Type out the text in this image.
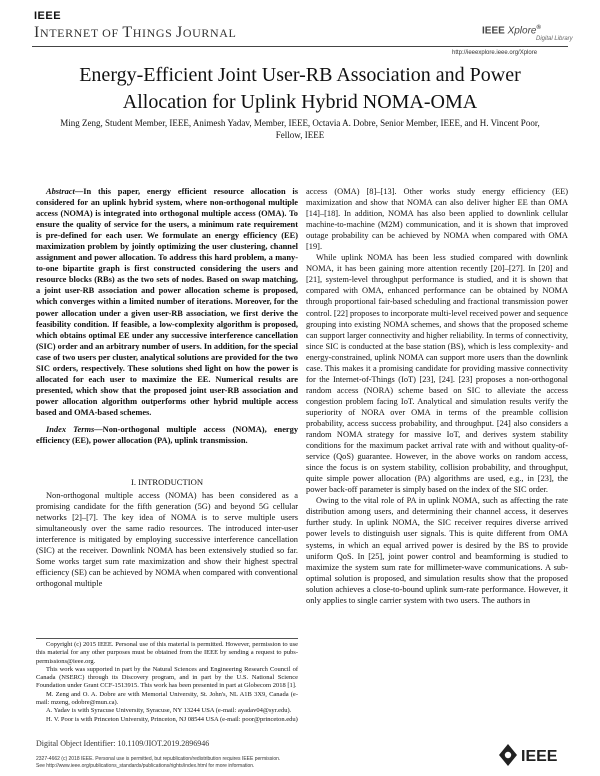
IEEE
INTERNET OF THINGS JOURNAL	IEEE Xplore®
Digital Library
http://ieeexplore.ieee.org/Xplore
Energy-Efficient Joint User-RB Association and Power Allocation for Uplink Hybrid NOMA-OMA
Ming Zeng, Student Member, IEEE, Animesh Yadav, Member, IEEE, Octavia A. Dobre, Senior Member, IEEE, and H. Vincent Poor, Fellow, IEEE

Abstract—In this paper, energy efficient resource allocation is considered for an uplink hybrid system, where non-orthogonal multiple access (NOMA) is integrated into orthogonal multiple access (OMA). To ensure the quality of service for the users, a minimum rate requirement is pre-defined for each user. We formulate an energy efficiency (EE) maximization problem by jointly optimizing the user clustering, channel assignment and power allocation. To address this hard problem, a many-to-one bipartite graph is first constructed considering the users and resource blocks (RBs) as the two sets of nodes. Based on swap matching, a joint user-RB association and power allocation scheme is proposed, which converges within a limited number of iterations. Moreover, for the power allocation under a given user-RB association, we first derive the feasibility condition. If feasible, a low-complexity algorithm is proposed, which obtains optimal EE under any successive interference cancellation (SIC) order and an arbitrary number of users. In addition, for the special case of two users per cluster, analytical solutions are provided for the two SIC orders, respectively. These solutions shed light on how the power is allocated for each user to maximize the EE. Numerical results are presented, which show that the proposed joint user-RB association and power allocation algorithm outperforms other hybrid multiple access based and OMA-based schemes.

Index Terms—Non-orthogonal multiple access (NOMA), energy efficiency (EE), power allocation (PA), uplink transmission.

I. INTRODUCTION

Non-orthogonal multiple access (NOMA) has been considered as a promising candidate for the fifth generation (5G) and beyond 5G cellular networks [2]–[7]. The key idea of NOMA is to serve multiple users simultaneously over the same radio resources. The introduced inter-user interference is mitigated by employing successive interference cancellation (SIC) at the receiver. Downlink NOMA has been extensively studied so far. Some works target sum rate maximization and show their highest spectral efficiency (SE) can be achieved by NOMA when compared with conventional orthogonal multiple

Copyright (c) 2015 IEEE. Personal use of this material is permitted. However, permission to use this material for any other purposes must be obtained from the IEEE by sending a request to pubs-permissions@ieee.org.

This work was supported in part by the Natural Sciences and Engineering Research Council of Canada (NSERC) through its Discovery program, and in part by the U.S. National Science Foundation under Grant CCF-1513915. This work has been presented in part at Globecom 2018 [1].

M. Zeng and O. A. Dobre are with Memorial University, St. John's, NL A1B 3X9, Canada (e-mail: mzeng, odobre@mun.ca).

A. Yadav is with Syracuse University, Syracuse, NY 13244 USA (e-mail: ayadav04@syr.edu).

H. V. Poor is with Princeton University, Princeton, NJ 08544 USA (e-mail: poor@princeton.edu)

access (OMA) [8]–[13]. Other works study energy efficiency (EE) maximization and show that NOMA can also deliver higher EE than OMA [14]–[18]. In addition, NOMA has also been applied to downlink cellular machine-to-machine (M2M) communication, and it is shown that improved outage probability can be achieved by NOMA when compared with OMA [19].

While uplink NOMA has been less studied compared with downlink NOMA, it has been gaining more attention recently [20]–[27]. In [20] and [21], system-level throughput performance is studied, and it is shown that compared with OMA, enhanced performance can be obtained by NOMA through proportional fair-based scheduling and fractional transmission power control. [22] proposes to incorporate multi-level received power and sequence grouping into existing NOMA schemes, and shows that the proposed scheme can support larger connectivity and higher reliability. In terms of connectivity, since SIC is conducted at the base station (BS), which is less complexity- and energy-constrained, uplink NOMA can support more users than the downlink case. This makes it a promising candidate for providing massive connectivity for the Internet-of-Things (IoT) [23], [24]. [23] proposes a non-orthogonal random access (NORA) scheme based on SIC to alleviate the access congestion problem facing IoT. Analytical and simulation results verify the superiority of NORA over OMA in terms of the preamble collision probability, access success probability, and throughput. [24] also considers a random NOMA strategy for massive IoT, and derives system stability conditions for the maximum packet arrival rate with and without quality-of-service (QoS) guarantee. However, in the above works on random access, since the focus is on system stability, collision probability, and throughput, quite simple power allocation (PA) algorithms are used, e.g., in [23], the power back-off parameter is simply based on the index of the SIC order.

Owing to the vital role of PA in uplink NOMA, such as affecting the rate distribution among users, and determining their channel access, it deserves further study. In uplink NOMA, the SIC receiver requires diverse arrived power levels to distinguish user signals. This is quite different from OMA systems, in which an equal arrived power is desired by the BS to provide uniform QoS. In [25], joint power control and beamforming is studied to maximize the system sum rate for millimeter-wave communications. A sub-optimal solution is proposed, and simulation results show that the proposed solution achieves a close-to-bound uplink sum-rate performance. However, it only applies to single carrier system with two users. The authors in

Digital Object Identifier: 10.1109/JIOT.2019.2896946
2327-4662 (c) 2018 IEEE. Personal use is permitted, but republication/redistribution requires IEEE permission.
See http://www.ieee.org/publications_standards/publications/rights/index.html for more information.
IEEE
